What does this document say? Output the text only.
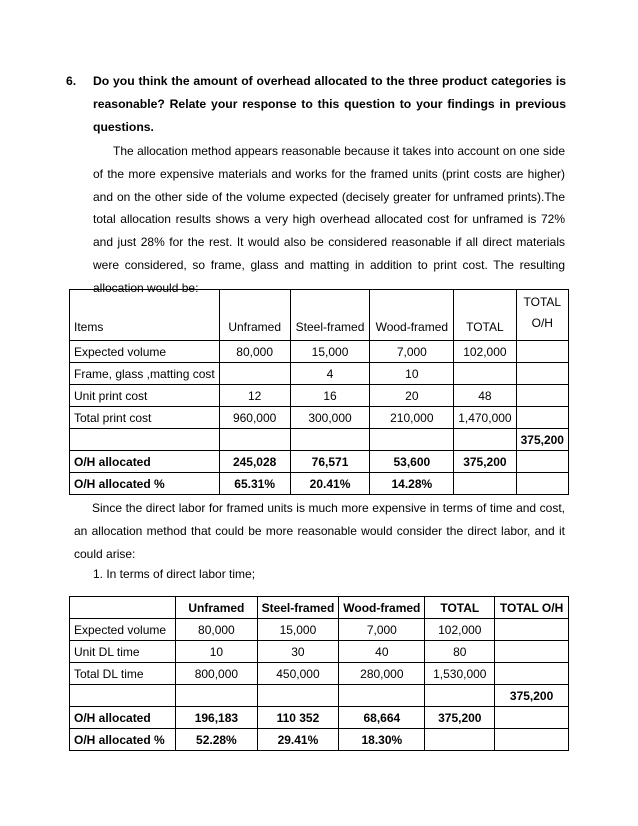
6. Do you think the amount of overhead allocated to the three product categories is reasonable? Relate your response to this question to your findings in previous questions.
The allocation method appears reasonable because it takes into account on one side of the more expensive materials and works for the framed units (print costs are higher) and on the other side of the volume expected (decisely greater for unframed prints).The total allocation results shows a very high overhead allocated cost for unframed is 72% and just 28% for the rest. It would also be considered reasonable if all direct materials were considered, so frame, glass and matting in addition to print cost. The resulting allocation would be:
Items	Unframed	Steel-framed	Wood-framed	TOTAL	TOTAL O/H
Expected volume	80,000	15,000	7,000	102,000	
Frame, glass ,matting cost		4	10		
Unit print cost	12	16	20	48	
Total print cost	960,000	300,000	210,000	1,470,000	
					375,200
O/H allocated	245,028	76,571	53,600	375,200	
O/H allocated %	65.31%	20.41%	14.28%		
Since the direct labor for framed units is much more expensive in terms of time and cost, an allocation method that could be more reasonable would consider the direct labor, and it could arise:
1. In terms of direct labor time;
	Unframed	Steel-framed	Wood-framed	TOTAL	TOTAL O/H
Expected volume	80,000	15,000	7,000	102,000	
Unit DL time	10	30	40	80	
Total DL time	800,000	450,000	280,000	1,530,000	
					375,200
O/H allocated	196,183	110 352	68,664	375,200	
O/H allocated %	52.28%	29.41%	18.30%		
